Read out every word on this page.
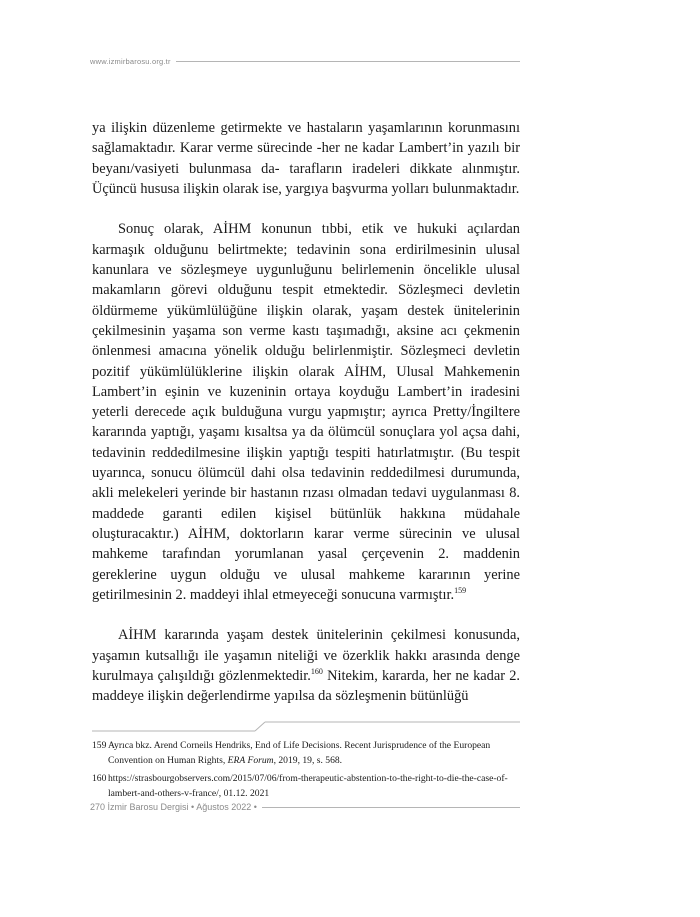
www.izmirbarosu.org.tr

ya ilişkin düzenleme getirmekte ve hastaların yaşamlarının korunmasını sağlamaktadır. Karar verme sürecinde -her ne kadar Lambert’in yazılı bir beyanı/vasiyeti bulunmasa da- tarafların iradeleri dikkate alınmıştır. Üçüncü hususa ilişkin olarak ise, yargıya başvurma yolları bulunmaktadır.

Sonuç olarak, AİHM konunun tıbbi, etik ve hukuki açılardan karmaşık olduğunu belirtmekte; tedavinin sona erdirilmesinin ulusal kanunlara ve sözleşmeye uygunluğunu belirlemenin öncelikle ulusal makamların görevi olduğunu tespit etmektedir. Sözleşmeci devletin öldürmeme yükümlülüğüne ilişkin olarak, yaşam destek ünitelerinin çekilmesinin yaşama son verme kastı taşımadığı, aksine acı çekmenin önlenmesi amacına yönelik olduğu belirlenmiştir. Sözleşmeci devletin pozitif yükümlülüklerine ilişkin olarak AİHM, Ulusal Mahkemenin Lambert’in eşinin ve kuzeninin ortaya koyduğu Lambert’in iradesini yeterli derecede açık bulduğuna vurgu yapmıştır; ayrıca Pretty/İngiltere kararında yaptığı, yaşamı kısaltsa ya da ölümcül sonuçlara yol açsa dahi, tedavinin reddedilmesine ilişkin yaptığı tespiti hatırlatmıştır. (Bu tespit uyarınca, sonucu ölümcül dahi olsa tedavinin reddedilmesi durumunda, akli melekeleri yerinde bir hastanın rızası olmadan tedavi uygulanması 8. maddede garanti edilen kişisel bütünlük hakkına müdahale oluşturacaktır.) AİHM, doktorların karar verme sürecinin ve ulusal mahkeme tarafından yorumlanan yasal çerçevenin 2. maddenin gereklerine uygun olduğu ve ulusal mahkeme kararının yerine getirilmesinin 2. maddeyi ihlal etmeyeceği sonucuna varmıştır.$^{159}$

AİHM kararında yaşam destek ünitelerinin çekilmesi konusunda, yaşamın kutsallığı ile yaşamın niteliği ve özerklik hakkı arasında denge kurulmaya çalışıldığı gözlenmektedir.$^{160}$ Nitekim, kararda, her ne kadar 2. maddeye ilişkin değerlendirme yapılsa da sözleşmenin bütünlüğü

159 Ayrıca bkz. Arend Corneils Hendriks, End of Life Decisions. Recent Jurisprudence of the European Convention on Human Rights, ERA Forum, 2019, 19, s. 568.
160 https://strasbourgobservers.com/2015/07/06/from-therapeutic-abstention-to-the-right-to-die-the-case-of-lambert-and-others-v-france/, 01.12. 2021
270 İzmir Barosu Dergisi • Ağustos 2022 •
